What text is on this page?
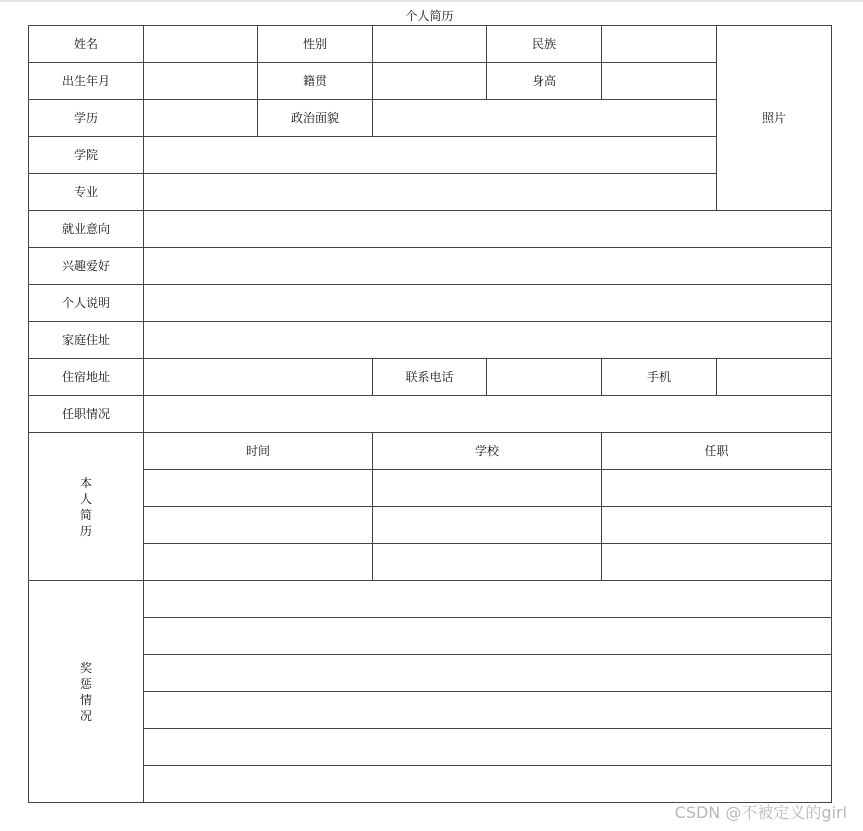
个人简历
姓名		性别		民族		照片
出生年月		籍贯		身高		
学历		政治面貌				
学院						
专业						
就业意向						
兴趣爱好						
个人说明						
家庭住址						
住宿地址			联系电话		手机	
任职情况						
本人简历	时间		学校		任职	

奖惩情况						

CSDN @不被定义的girl
